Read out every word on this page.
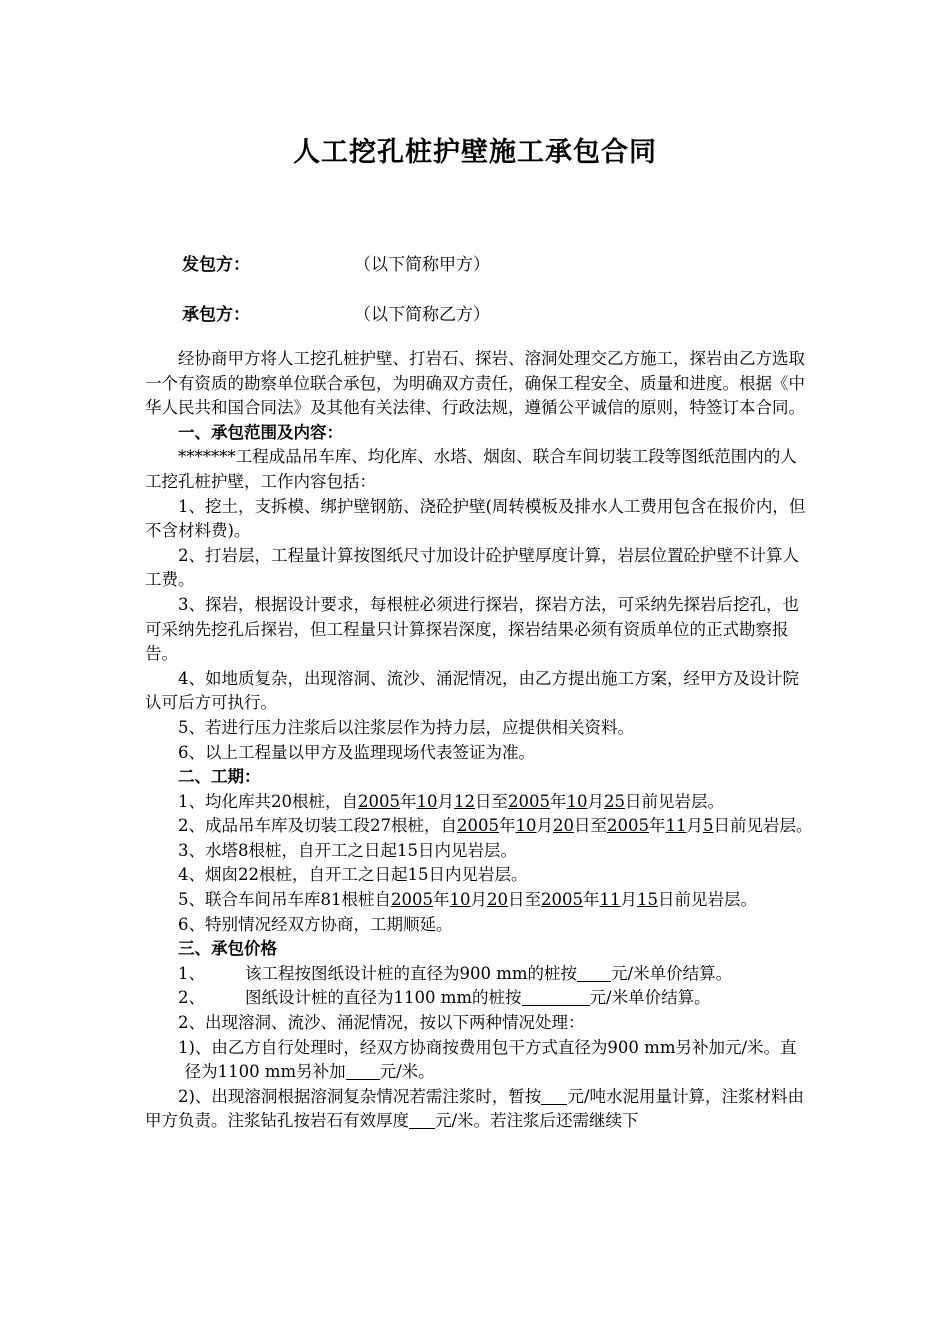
人工挖孔桩护壁施工承包合同
发包方：	（以下简称甲方）
承包方：	（以下简称乙方）

经协商甲方将人工挖孔桩护壁、打岩石、探岩、溶洞处理交乙方施工，探岩由乙方选取一个有资质的勘察单位联合承包，为明确双方责任，确保工程安全、质量和进度。根据《中华人民共和国合同法》及其他有关法律、行政法规，遵循公平诚信的原则，特签订本合同。

一、承包范围及内容：

*******工程成品吊车库、均化库、水塔、烟囱、联合车间切装工段等图纸范围内的人工挖孔桩护壁，工作内容包括：

1、挖土，支拆模、绑护壁钢筋、浇砼护壁(周转模板及排水人工费用包含在报价内，但不含材料费)。

2、打岩层，工程量计算按图纸尺寸加设计砼护壁厚度计算，岩层位置砼护壁不计算人工费。

3、探岩，根据设计要求，每根桩必须进行探岩，探岩方法，可采纳先探岩后挖孔，也可采纳先挖孔后探岩，但工程量只计算探岩深度，探岩结果必须有资质单位的正式勘察报告。

4、如地质复杂，出现溶洞、流沙、涌泥情况，由乙方提出施工方案，经甲方及设计院认可后方可执行。

5、若进行压力注浆后以注浆层作为持力层，应提供相关资料。

6、以上工程量以甲方及监理现场代表签证为准。

二、工期：

1、均化库共20根桩，自2005年10月12日至2005年10月25日前见岩层。

2、成品吊车库及切装工段27根桩，自2005年10月20日至2005年11月5日前见岩层。

3、水塔8根桩，自开工之日起15日内见岩层。

4、烟囱22根桩，自开工之日起15日内见岩层。

5、联合车间吊车库81根桩自2005年10月20日至2005年11月15日前见岩层。

6、特别情况经双方协商，工期顺延。

三、承包价格

1、 该工程按图纸设计桩的直径为900 mm的桩按 元/米单价结算。

2、 图纸设计桩的直径为1100 mm的桩按	元/米单价结算。

2、出现溶洞、流沙、涌泥情况，按以下两种情况处理：

1)、由乙方自行处理时，经双方协商按费用包干方式直径为900 mm另补加元/米。直径为1100 mm另补加 元/米。

2)、出现溶洞根据溶洞复杂情况若需注浆时，暂按 元/吨水泥用量计算，注浆材料由甲方负责。注浆钻孔按岩石有效厚度 元/米。若注浆后还需继续下
